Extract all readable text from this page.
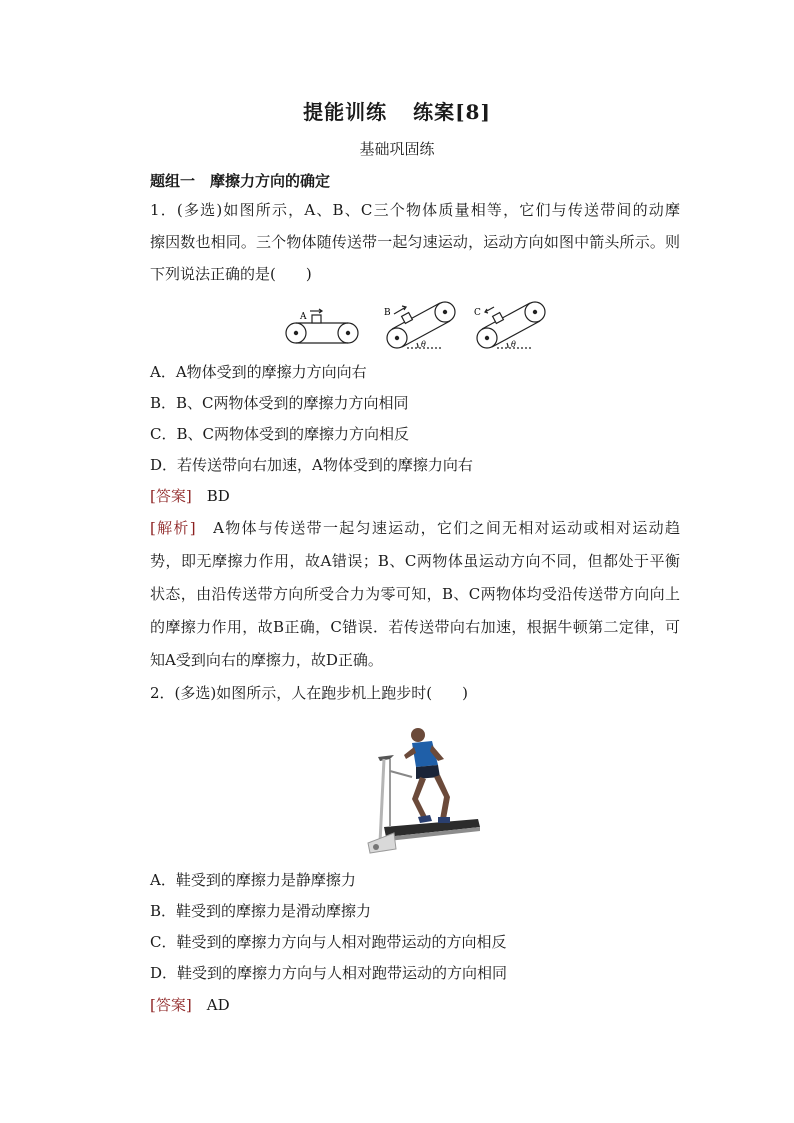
提能训练 练案[8]
基础巩固练
题组一　 摩擦力方向的确定
1．(多选)如图所示，A、B、C三个物体质量相等，它们与传送带间的动摩
擦因数也相同。三个物体随传送带一起匀速运动，运动方向如图中箭头所示。则
下列说法正确的是(　　)
A	B
θ
C
θ
A．A物体受到的摩擦力方向向右
B．B、C两物体受到的摩擦力方向相同
C．B、C两物体受到的摩擦力方向相反
D．若传送带向右加速，A物体受到的摩擦力向右
[答案]　 BD
[解析]　 A物体与传送带一起匀速运动，它们之间无相对运动或相对运动趋
势，即无摩擦力作用，故A错误；B、C两物体虽运动方向不同，但都处于平衡
状态，由沿传送带方向所受合力为零可知，B、C两物体均受沿传送带方向向上
的摩擦力作用，故B正确，C错误．若传送带向右加速，根据牛顿第二定律，可
知A受到向右的摩擦力，故D正确。
2．(多选)如图所示，人在跑步机上跑步时(　　)
A．鞋受到的摩擦力是静摩擦力
B．鞋受到的摩擦力是滑动摩擦力
C．鞋受到的摩擦力方向与人相对跑带运动的方向相反
D．鞋受到的摩擦力方向与人相对跑带运动的方向相同
[答案]　 AD
